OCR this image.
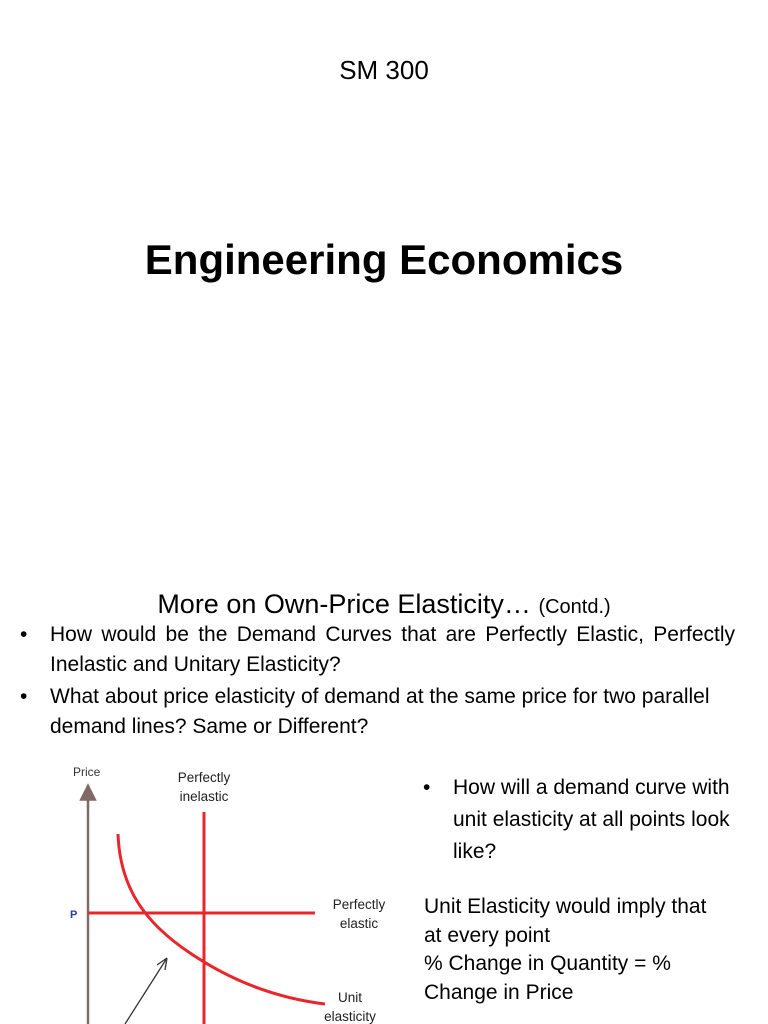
SM 300
Engineering Economics
More on Own-Price Elasticity… (Contd.)
• How would be the Demand Curves that are Perfectly Elastic, Perfectly Inelastic and Unitary Elasticity?
• What about price elasticity of demand at the same price for two parallel demand lines? Same or Different?
• How will a demand curve with unit elasticity at all points look like?
Unit Elasticity would imply that
at every point
% Change in Quantity = %
Change in Price
Price
P
Perfectly
inelastic
Perfectly
elastic
Unit
elasticity
